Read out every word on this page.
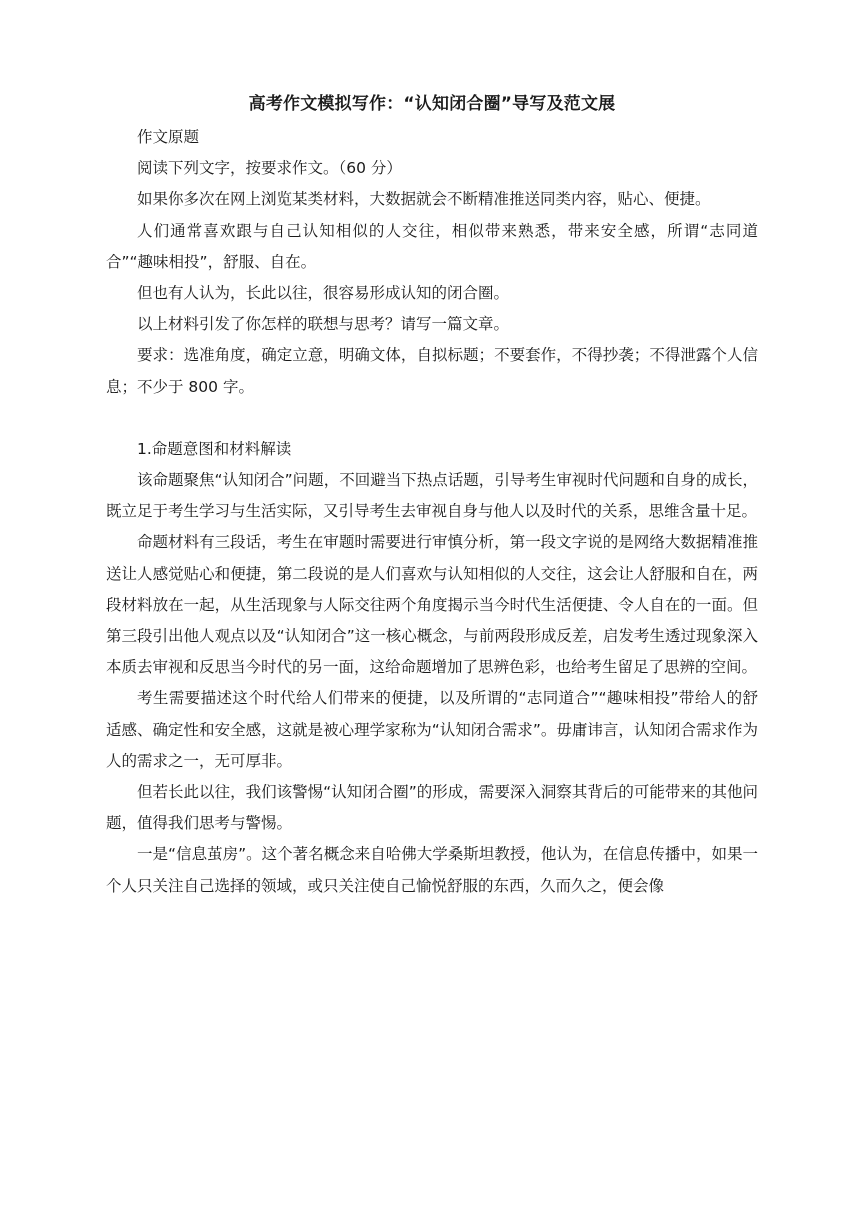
高考作文模拟写作：“认知闭合圈”导写及范文展

作文原题

阅读下列文字，按要求作文。（60 分）

如果你多次在网上浏览某类材料，大数据就会不断精准推送同类内容，贴心、便捷。

人们通常喜欢跟与自己认知相似的人交往，相似带来熟悉，带来安全感，所谓“志同道合”“趣味相投”，舒服、自在。

但也有人认为，长此以往，很容易形成认知的闭合圈。

以上材料引发了你怎样的联想与思考？请写一篇文章。

要求：选准角度，确定立意，明确文体，自拟标题；不要套作，不得抄袭；不得泄露个人信息；不少于 800 字。

1.命题意图和材料解读

该命题聚焦“认知闭合”问题，不回避当下热点话题，引导考生审视时代问题和自身的成长，既立足于考生学习与生活实际，又引导考生去审视自身与他人以及时代的关系，思维含量十足。

命题材料有三段话，考生在审题时需要进行审慎分析，第一段文字说的是网络大数据精准推送让人感觉贴心和便捷，第二段说的是人们喜欢与认知相似的人交往，这会让人舒服和自在，两段材料放在一起，从生活现象与人际交往两个角度揭示当今时代生活便捷、令人自在的一面。但第三段引出他人观点以及“认知闭合”这一核心概念，与前两段形成反差，启发考生透过现象深入本质去审视和反思当今时代的另一面，这给命题增加了思辨色彩，也给考生留足了思辨的空间。

考生需要描述这个时代给人们带来的便捷，以及所谓的“志同道合”“趣味相投”带给人的舒适感、确定性和安全感，这就是被心理学家称为“认知闭合需求”。毋庸讳言，认知闭合需求作为人的需求之一，无可厚非。

但若长此以往，我们该警惕“认知闭合圈”的形成，需要深入洞察其背后的可能带来的其他问题，值得我们思考与警惕。

一是“信息茧房”。这个著名概念来自哈佛大学桑斯坦教授，他认为，在信息传播中，如果一个人只关注自己选择的领域，或只关注使自己愉悦舒服的东西，久而久之，便会像
